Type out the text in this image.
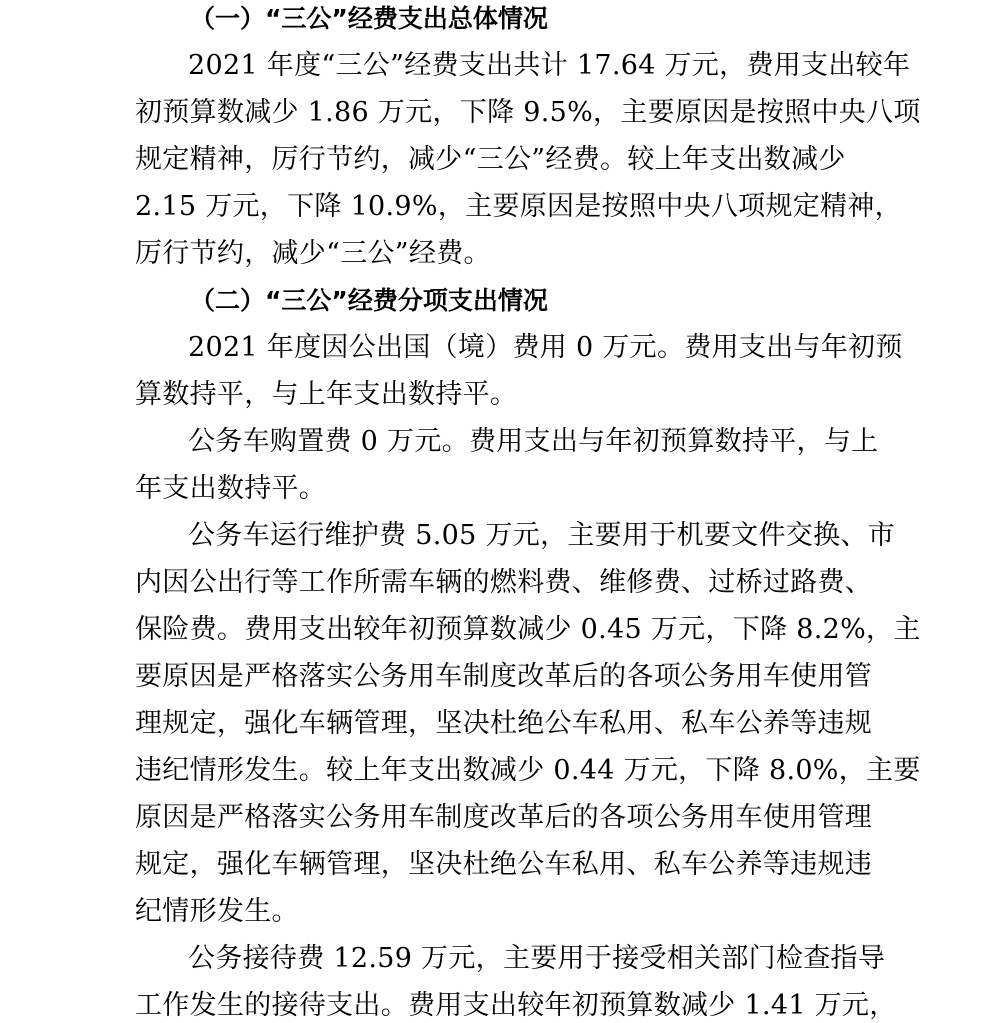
（一）“三公”经费支出总体情况
2021 年度“三公”经费支出共计 17.64 万元，费用支出较年
初预算数减少 1.86 万元，下降 9.5%，主要原因是按照中央八项
规定精神，厉行节约，减少“三公”经费。较上年支出数减少
2.15 万元，下降 10.9%，主要原因是按照中央八项规定精神，
厉行节约，减少“三公”经费。
（二）“三公”经费分项支出情况
2021 年度因公出国（境）费用 0 万元。费用支出与年初预
算数持平，与上年支出数持平。
公务车购置费 0 万元。费用支出与年初预算数持平，与上
年支出数持平。
公务车运行维护费 5.05 万元，主要用于机要文件交换、市
内因公出行等工作所需车辆的燃料费、维修费、过桥过路费、
保险费。费用支出较年初预算数减少 0.45 万元，下降 8.2%，主
要原因是严格落实公务用车制度改革后的各项公务用车使用管
理规定，强化车辆管理，坚决杜绝公车私用、私车公养等违规
违纪情形发生。较上年支出数减少 0.44 万元，下降 8.0%，主要
原因是严格落实公务用车制度改革后的各项公务用车使用管理
规定，强化车辆管理，坚决杜绝公车私用、私车公养等违规违
纪情形发生。
公务接待费 12.59 万元，主要用于接受相关部门检查指导
工作发生的接待支出。费用支出较年初预算数减少 1.41 万元，
